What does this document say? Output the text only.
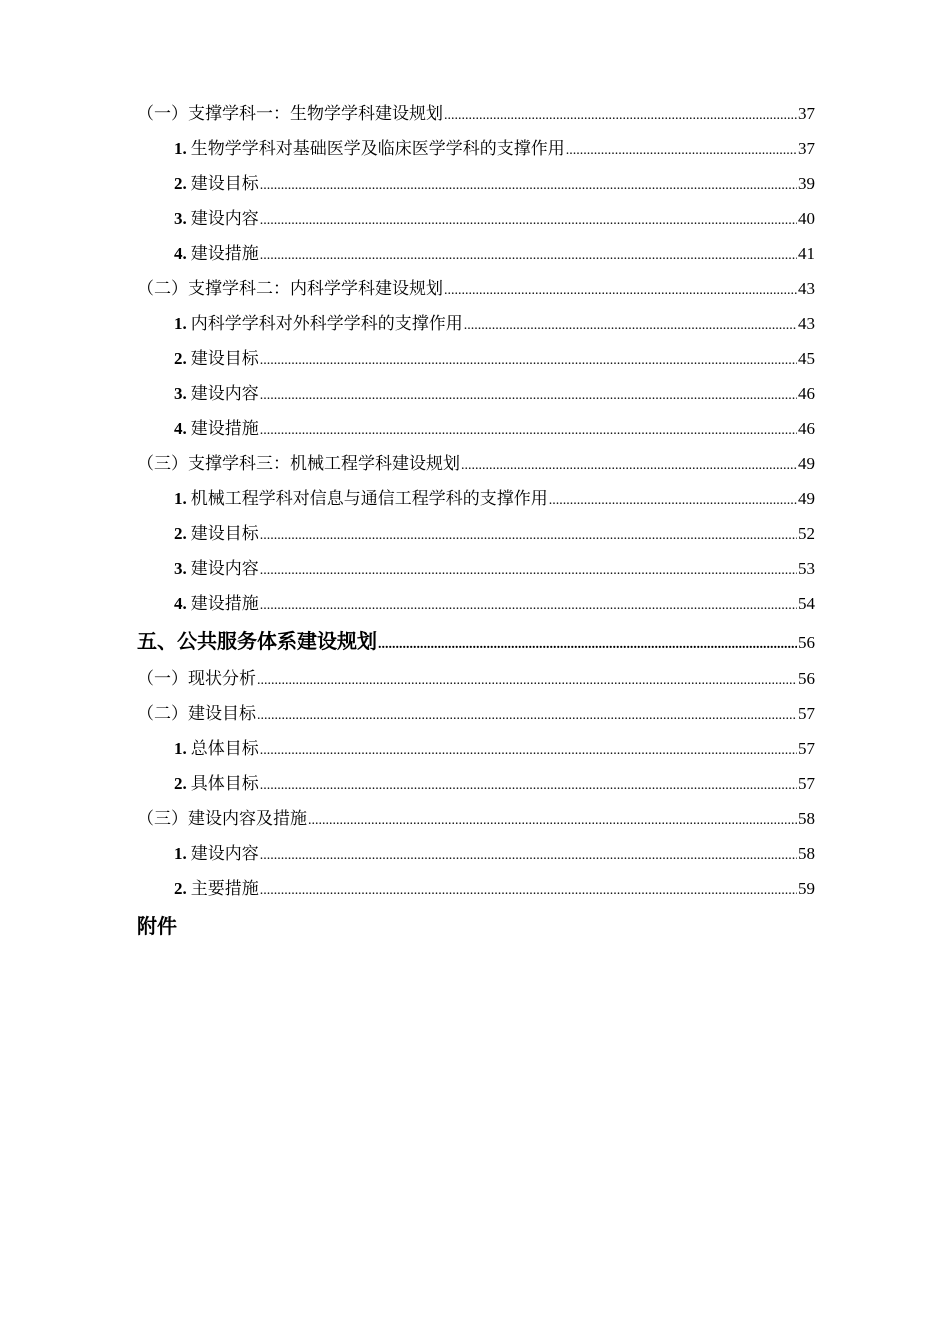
（一）支撑学科一：生物学学科建设规划 .....	37
1. 生物学学科对基础医学及临床医学学科的支撑作用 .....	37
2. 建设目标 .....	39
3. 建设内容 .....	40
4. 建设措施 .....	41
（二）支撑学科二：内科学学科建设规划 .....	43
1. 内科学学科对外科学学科的支撑作用 .....	43
2. 建设目标 .....	45
3. 建设内容 .....	46
4. 建设措施 .....	46
（三）支撑学科三：机械工程学科建设规划 .....	49
1. 机械工程学科对信息与通信工程学科的支撑作用 .....	49
2. 建设目标 .....	52
3. 建设内容 .....	53
4. 建设措施 .....	54
五、公共服务体系建设规划 .....	56
（一）现状分析 .....	56
（二）建设目标 .....	57
1. 总体目标 .....	57
2. 具体目标 .....	57
（三）建设内容及措施 .....	58
1. 建设内容 .....	58
2. 主要措施 .....	59
附件
